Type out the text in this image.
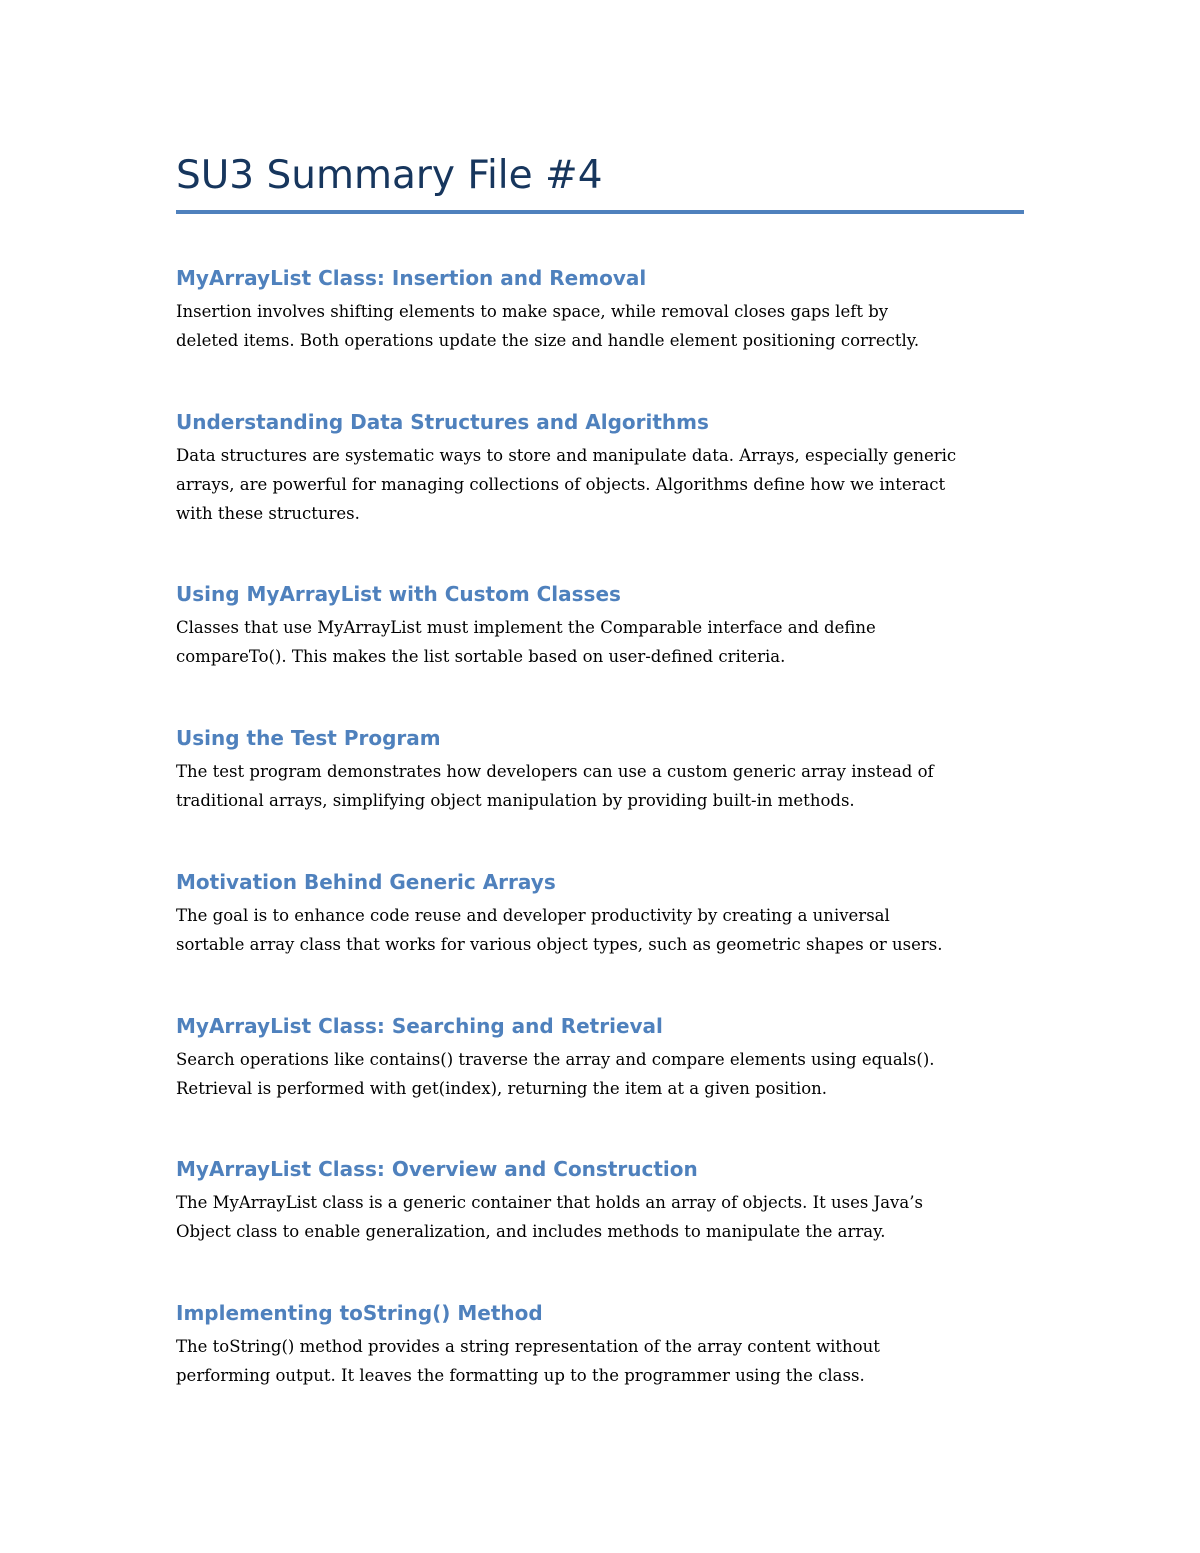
SU3 Summary File #4
MyArrayList Class: Insertion and Removal

Insertion involves shifting elements to make space, while removal closes gaps left by
deleted items. Both operations update the size and handle element positioning correctly.

Understanding Data Structures and Algorithms

Data structures are systematic ways to store and manipulate data. Arrays, especially generic
arrays, are powerful for managing collections of objects. Algorithms define how we interact
with these structures.

Using MyArrayList with Custom Classes

Classes that use MyArrayList must implement the Comparable interface and define
compareTo(). This makes the list sortable based on user-defined criteria.

Using the Test Program

The test program demonstrates how developers can use a custom generic array instead of
traditional arrays, simplifying object manipulation by providing built-in methods.

Motivation Behind Generic Arrays

The goal is to enhance code reuse and developer productivity by creating a universal
sortable array class that works for various object types, such as geometric shapes or users.

MyArrayList Class: Searching and Retrieval

Search operations like contains() traverse the array and compare elements using equals().
Retrieval is performed with get(index), returning the item at a given position.

MyArrayList Class: Overview and Construction

The MyArrayList class is a generic container that holds an array of objects. It uses Java’s
Object class to enable generalization, and includes methods to manipulate the array.

Implementing toString() Method

The toString() method provides a string representation of the array content without
performing output. It leaves the formatting up to the programmer using the class.
